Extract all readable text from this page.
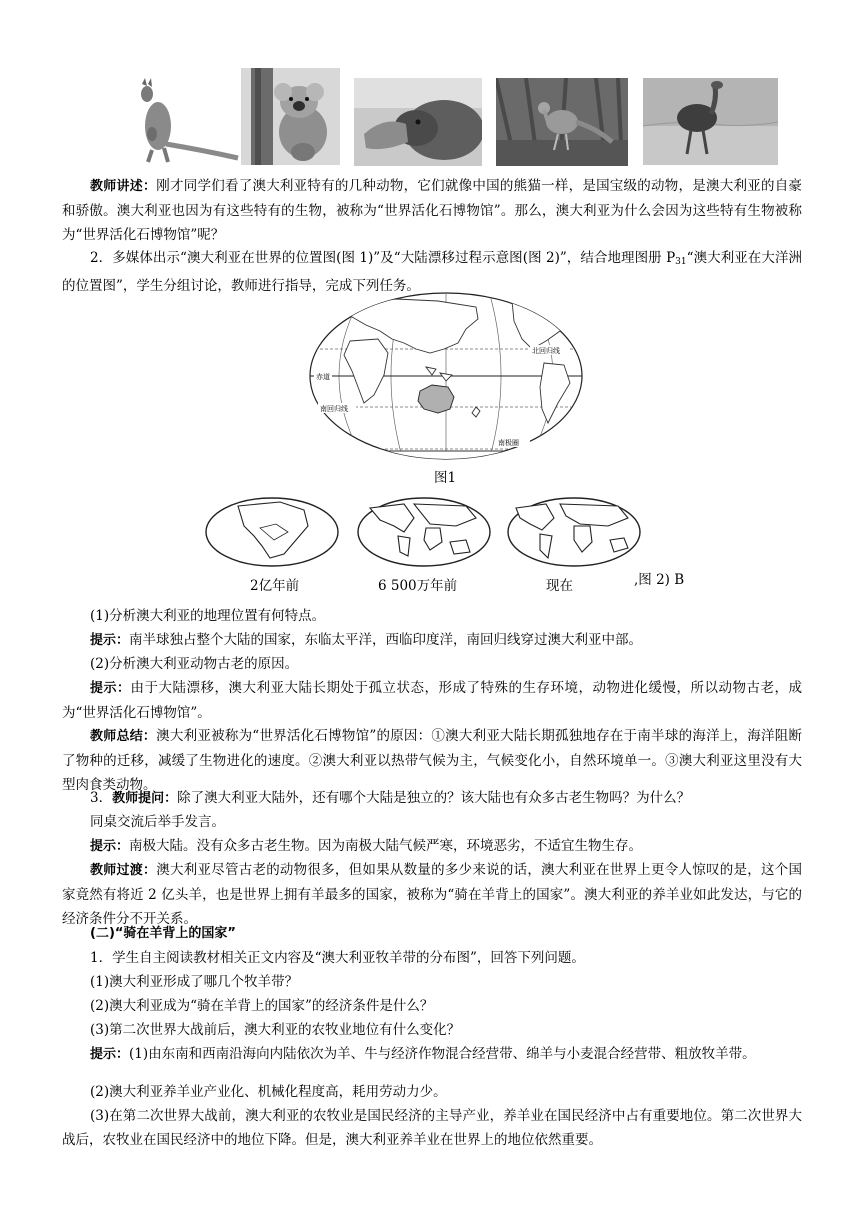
教师讲述：刚才同学们看了澳大利亚特有的几种动物，它们就像中国的熊猫一样，是国宝级的动物，是澳大利亚的自豪和骄傲。澳大利亚也因为有这些特有的生物，被称为“世界活化石博物馆”。那么，澳大利亚为什么会因为这些特有生物被称为“世界活化石博物馆”呢？
2．多媒体出示“澳大利亚在世界的位置图(图 1)”及“大陆漂移过程示意图(图 2)”，结合地理图册 $P_{31}“$澳大利亚在大洋洲的位置图”，学生分组讨论，教师进行指导，完成下列任务。
北回归线
赤道
南回归线
南极圈
图1
2亿年前	6 500万年前	现在	,图 2) B
(1)分析澳大利亚的地理位置有何特点。
提示：南半球独占整个大陆的国家，东临太平洋，西临印度洋，南回归线穿过澳大利亚中部。
(2)分析澳大利亚动物古老的原因。
提示：由于大陆漂移，澳大利亚大陆长期处于孤立状态，形成了特殊的生存环境，动物进化缓慢，所以动物古老，成为“世界活化石博物馆”。
教师总结：澳大利亚被称为“世界活化石博物馆”的原因：①澳大利亚大陆长期孤独地存在于南半球的海洋上，海洋阻断了物种的迁移，减缓了生物进化的速度。②澳大利亚以热带气候为主，气候变化小，自然环境单一。③澳大利亚这里没有大型肉食类动物。
3．教师提问：除了澳大利亚大陆外，还有哪个大陆是独立的？该大陆也有众多古老生物吗？为什么？
同桌交流后举手发言。
提示：南极大陆。没有众多古老生物。因为南极大陆气候严寒，环境恶劣，不适宜生物生存。
教师过渡：澳大利亚尽管古老的动物很多，但如果从数量的多少来说的话，澳大利亚在世界上更令人惊叹的是，这个国家竟然有将近 2 亿头羊，也是世界上拥有羊最多的国家，被称为“骑在羊背上的国家”。澳大利亚的养羊业如此发达，与它的经济条件分不开关系。
(二)“骑在羊背上的国家”
1．学生自主阅读教材相关正文内容及“澳大利亚牧羊带的分布图”，回答下列问题。
(1)澳大利亚形成了哪几个牧羊带？
(2)澳大利亚成为“骑在羊背上的国家”的经济条件是什么？
(3)第二次世界大战前后，澳大利亚的农牧业地位有什么变化？
提示：(1)由东南和西南沿海向内陆依次为羊、牛与经济作物混合经营带、绵羊与小麦混合经营带、粗放牧羊带。
(2)澳大利亚养羊业产业化、机械化程度高，耗用劳动力少。
(3)在第二次世界大战前，澳大利亚的农牧业是国民经济的主导产业，养羊业在国民经济中占有重要地位。第二次世界大战后，农牧业在国民经济中的地位下降。但是，澳大利亚养羊业在世界上的地位依然重要。
